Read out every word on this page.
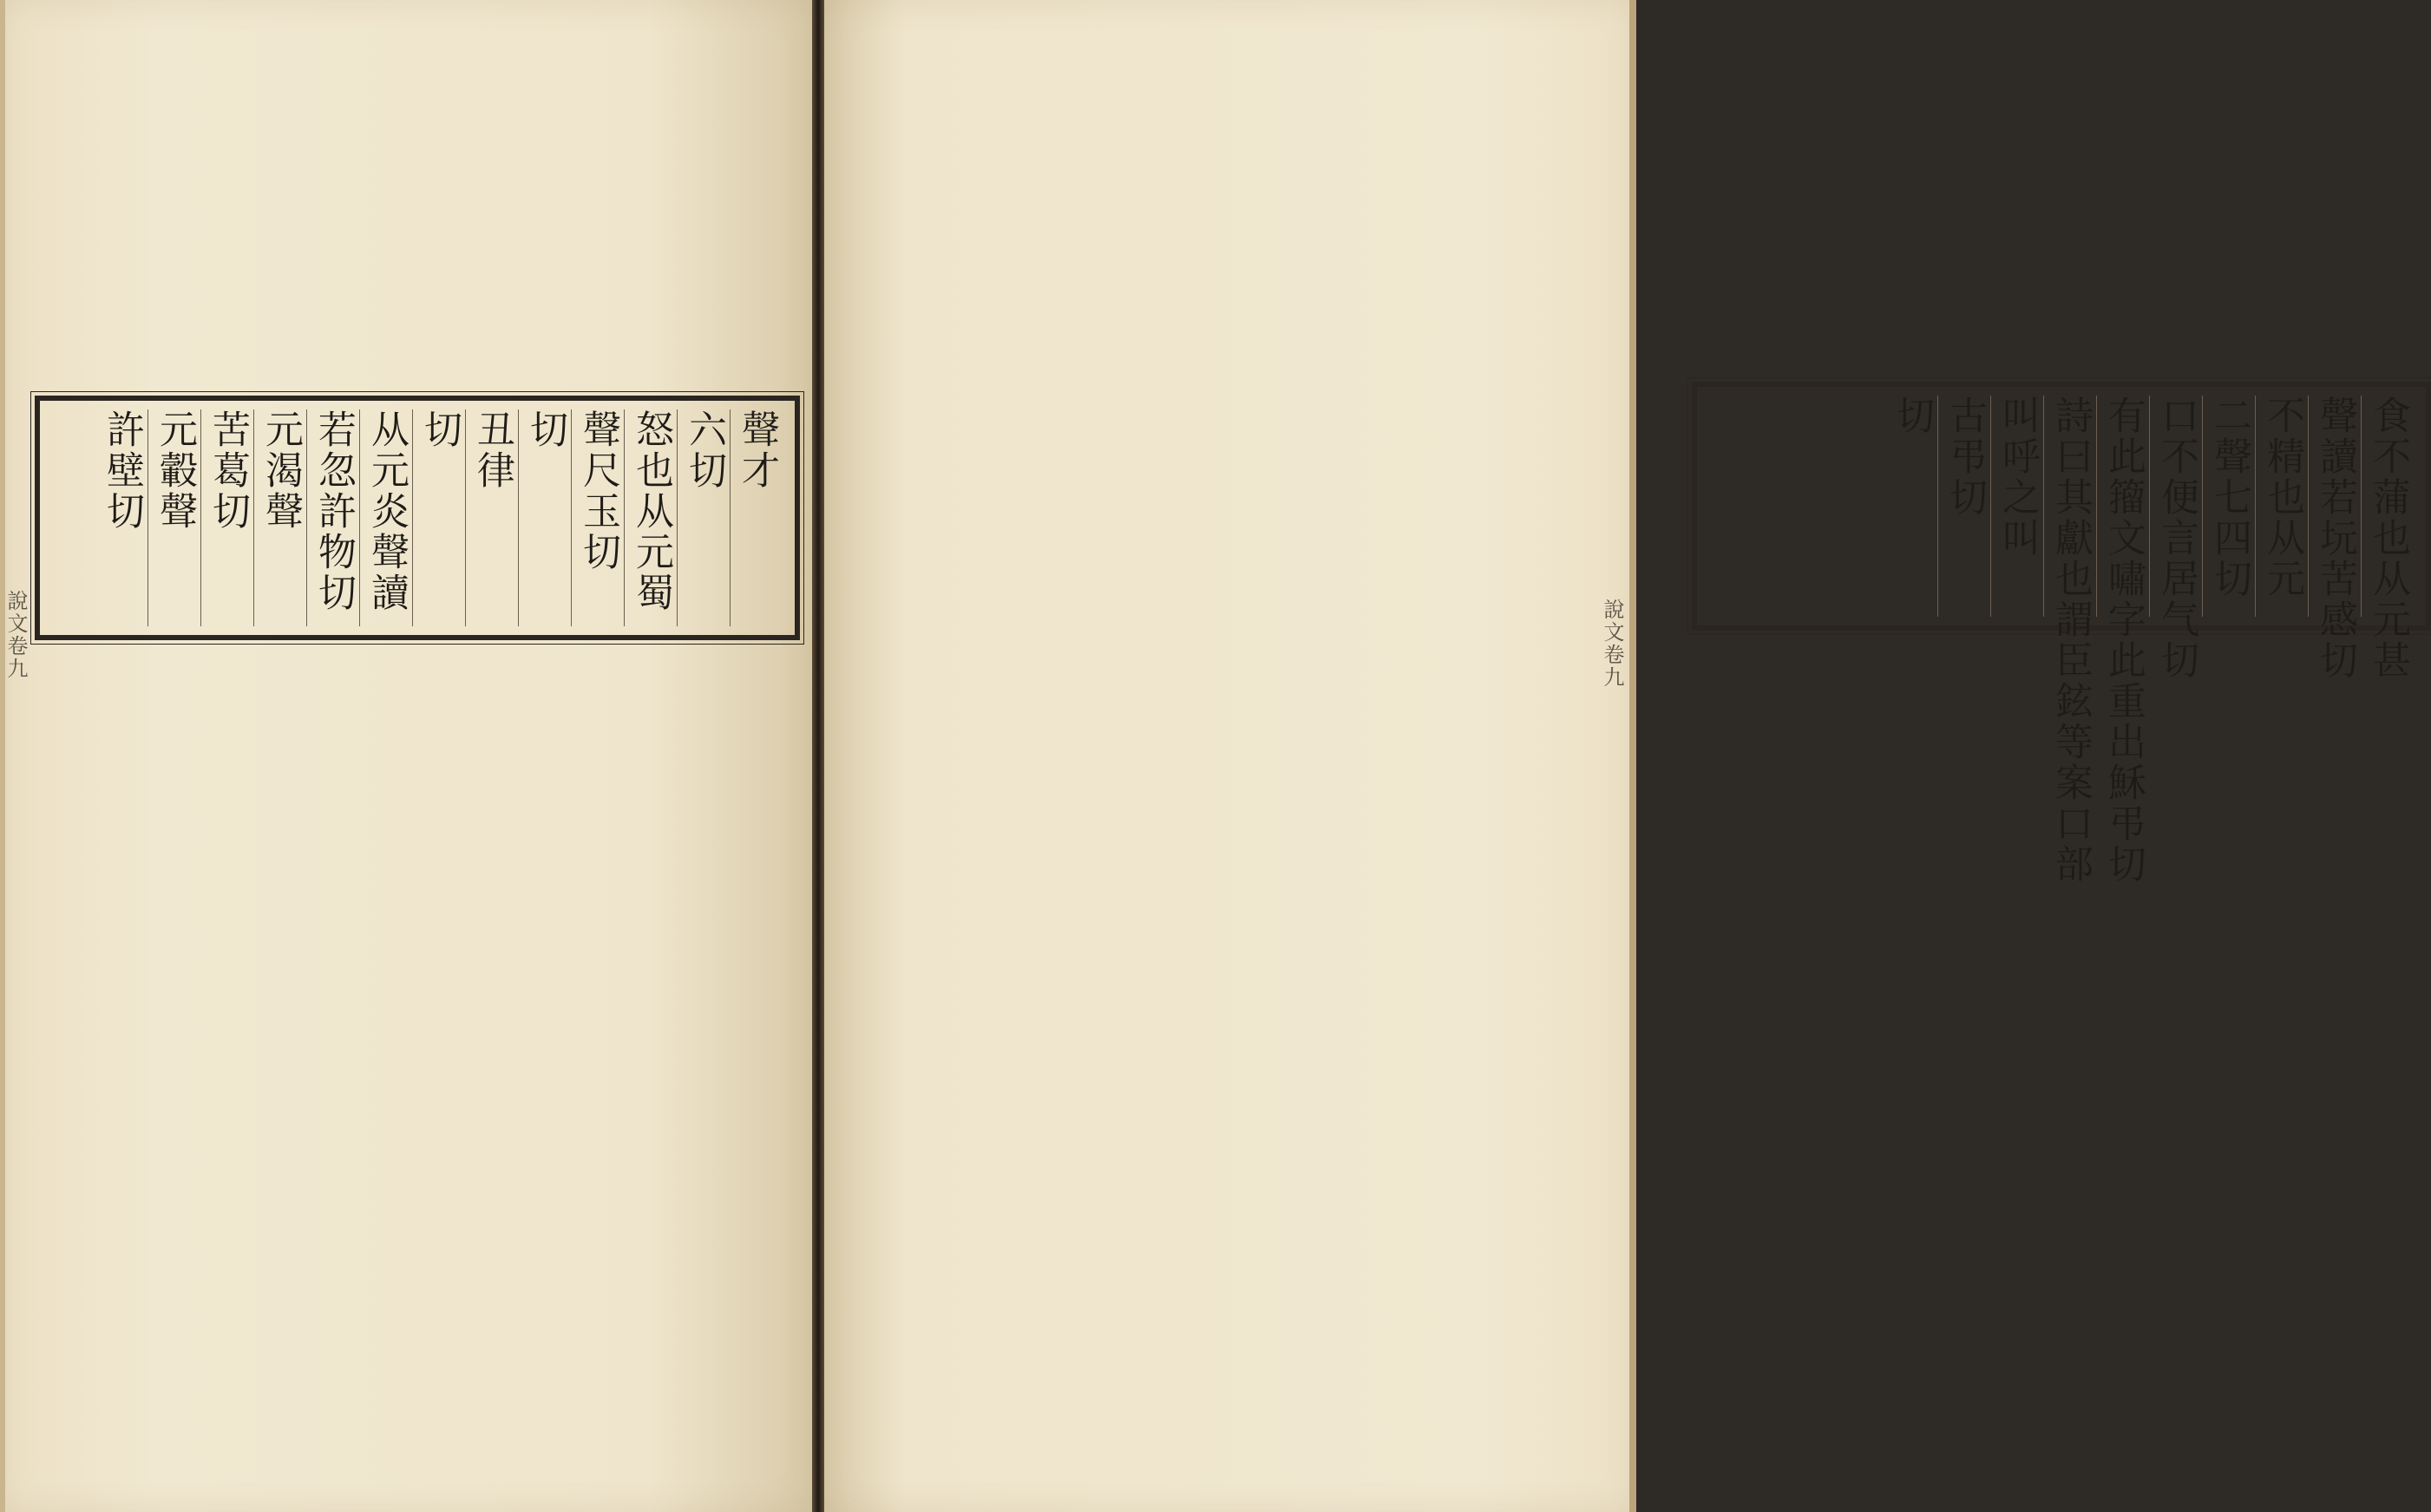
說文卷九
聲才 六切 怒也从元蜀 聲尺玉切 切 丑律 切 从元炎聲讀 若忽許物切 元渴聲 苦葛切 元轂聲 許壁切	食不蒲也从元甚 聲讀若坃苦感切 不精也从元 二聲七四切 口不便言居气切 有此籀文嘯字此重出穌弔切 詩曰其獻也謂臣鉉等案口部 叫呼之叫 古弔切 切
說文卷九
